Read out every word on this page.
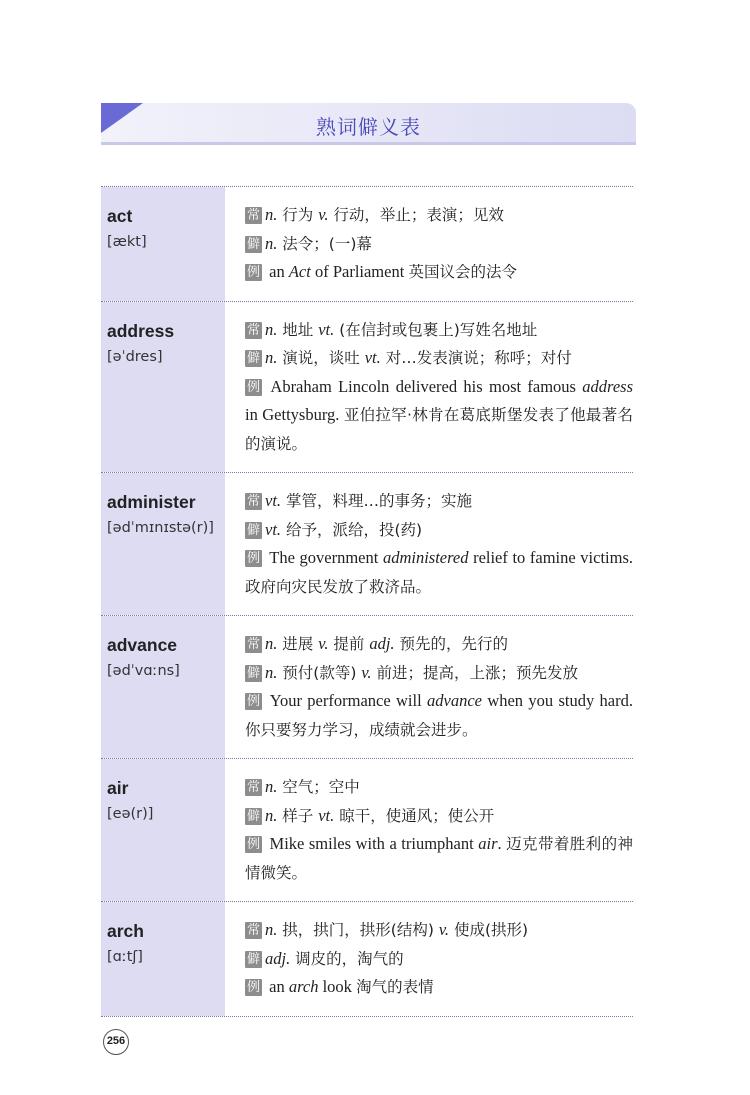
熟词僻义表
act
[ækt]
常 n. 行为 v. 行动，举止；表演；见效
僻 n. 法令；(一)幕
例 an Act of Parliament 英国议会的法令
address
[əˈdres]
常 n. 地址 vt. (在信封或包裹上)写姓名地址
僻 n. 演说，谈吐 vt. 对…发表演说；称呼；对付
例 Abraham Lincoln delivered his most famous address in Gettysburg. 亚伯拉罕·林肯在葛底斯堡发表了他最著名的演说。
administer
[ədˈmɪnɪstə(r)]
常 vt. 掌管，料理…的事务；实施
僻 vt. 给予，派给，投(药)
例 The government administered relief to famine victims. 政府向灾民发放了救济品。
advance
[ədˈvɑːns]
常 n. 进展 v. 提前 adj. 预先的，先行的
僻 n. 预付(款等) v. 前进；提高，上涨；预先发放
例 Your performance will advance when you study hard. 你只要努力学习，成绩就会进步。
air
[eə(r)]
常 n. 空气；空中
僻 n. 样子 vt. 晾干，使通风；使公开
例 Mike smiles with a triumphant air. 迈克带着胜利的神情微笑。
arch
[ɑːtʃ]
常 n. 拱，拱门，拱形(结构) v. 使成(拱形)
僻 adj. 调皮的，淘气的
例 an arch look 淘气的表情
256
